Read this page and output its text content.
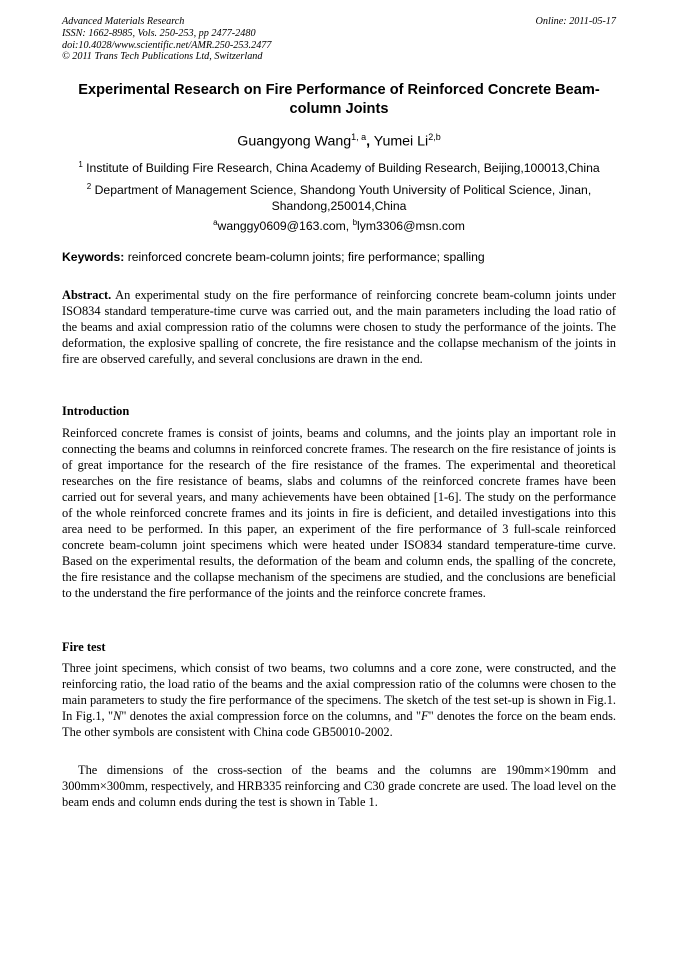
Advanced Materials Research
ISSN: 1662-8985, Vols. 250-253, pp 2477-2480
doi:10.4028/www.scientific.net/AMR.250-253.2477
© 2011 Trans Tech Publications Ltd, Switzerland
Online: 2011-05-17
Experimental Research on Fire Performance of Reinforced Concrete Beam-column Joints
Guangyong Wang$^{1, a}$, Yumei Li$^{2,b}$
$^1$ Institute of Building Fire Research, China Academy of Building Research, Beijing,100013,China
$^2$ Department of Management Science, Shandong Youth University of Political Science, Jinan, Shandong,250014,China
$^a$wanggy0609@163.com, $^b$lym3306@msn.com
Keywords: reinforced concrete beam-column joints; fire performance; spalling

Abstract. An experimental study on the fire performance of reinforcing concrete beam-column joints under ISO834 standard temperature-time curve was carried out, and the main parameters including the load ratio of the beams and axial compression ratio of the columns were chosen to study the performance of the joints. The deformation, the explosive spalling of concrete, the fire resistance and the collapse mechanism of the joints in fire are observed carefully, and several conclusions are drawn in the end.

Introduction

Reinforced concrete frames is consist of joints, beams and columns, and the joints play an important role in connecting the beams and columns in reinforced concrete frames. The research on the fire resistance of joints is of great importance for the research of the fire resistance of the frames. The experimental and theoretical researches on the fire resistance of beams, slabs and columns of the reinforced concrete frames have been carried out for several years, and many achievements have been obtained [1-6]. The study on the performance of the whole reinforced concrete frames and its joints in fire is deficient, and detailed investigations into this area need to be performed. In this paper, an experiment of the fire performance of 3 full-scale reinforced concrete beam-column joint specimens which were heated under ISO834 standard temperature-time curve. Based on the experimental results, the deformation of the beam and column ends, the spalling of the concrete, the fire resistance and the collapse mechanism of the specimens are studied, and the conclusions are beneficial to the understand the fire performance of the joints and the reinforce concrete frames.

Fire test

Three joint specimens, which consist of two beams, two columns and a core zone, were constructed, and the reinforcing ratio, the load ratio of the beams and the axial compression ratio of the columns were chosen to the main parameters to study the fire performance of the specimens. The sketch of the test set-up is shown in Fig.1. In Fig.1, "N" denotes the axial compression force on the columns, and "F" denotes the force on the beam ends. The other symbols are consistent with China code GB50010-2002.

The dimensions of the cross-section of the beams and the columns are 190mm×190mm and 300mm×300mm, respectively, and HRB335 reinforcing and C30 grade concrete are used. The load level on the beam ends and column ends during the test is shown in Table 1.
